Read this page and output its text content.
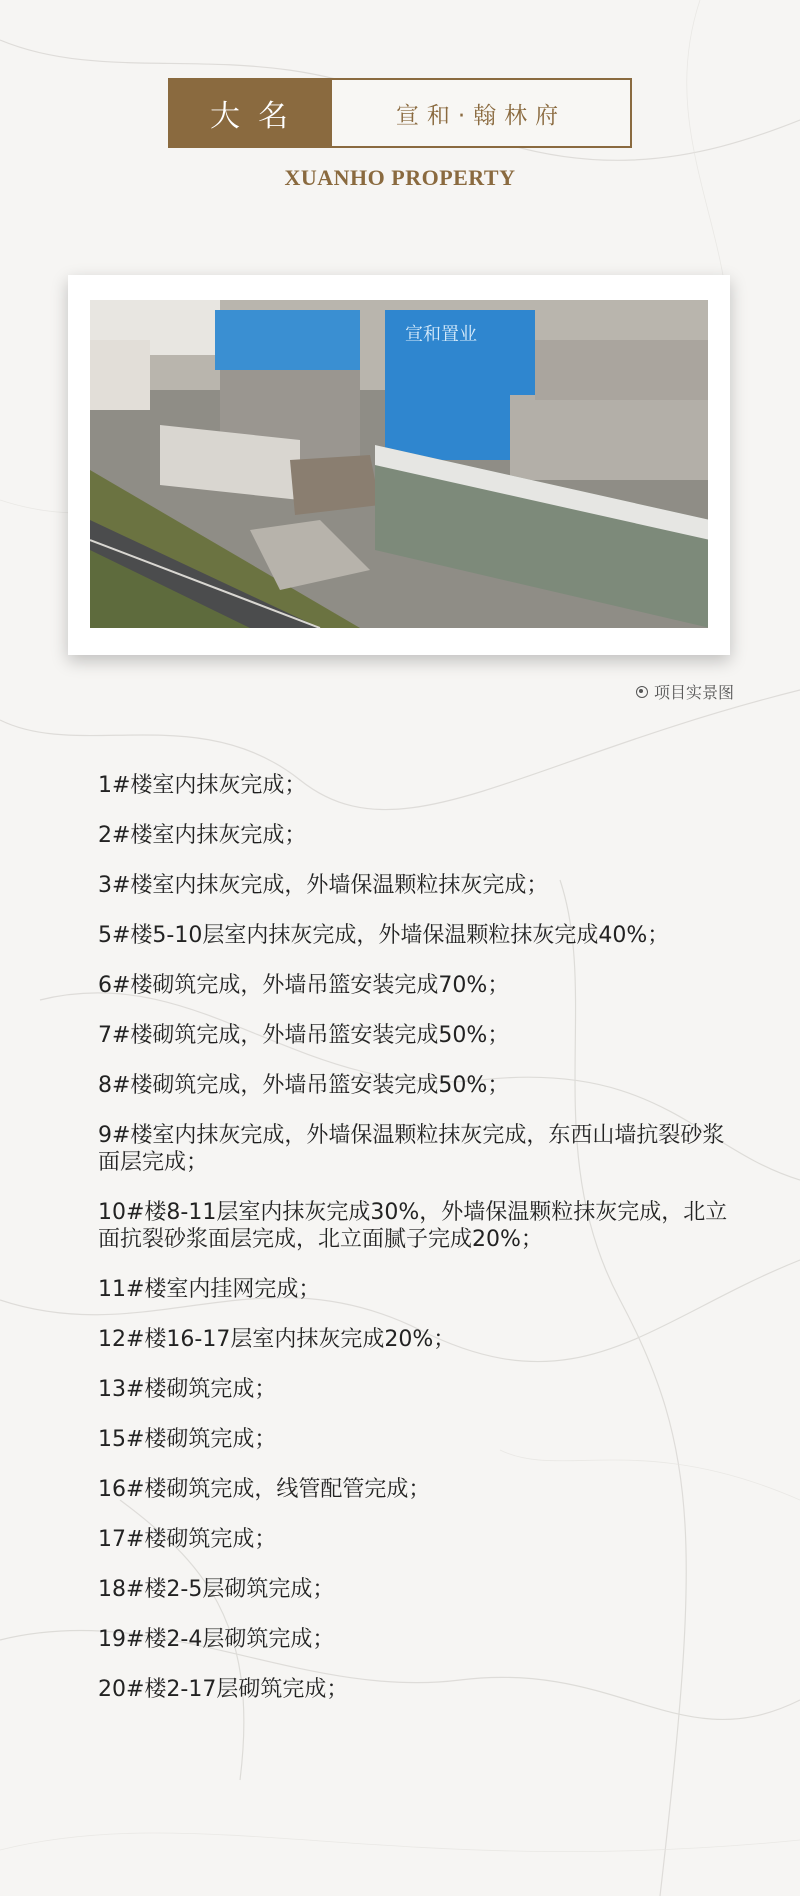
大名	宣和·翰林府
XUANHO PROPERTY
宣和置业
项目实景图
1#楼室内抹灰完成；
2#楼室内抹灰完成；
3#楼室内抹灰完成，外墙保温颗粒抹灰完成；
5#楼5-10层室内抹灰完成，外墙保温颗粒抹灰完成40%；
6#楼砌筑完成，外墙吊篮安装完成70%；
7#楼砌筑完成，外墙吊篮安装完成50%；
8#楼砌筑完成，外墙吊篮安装完成50%；
9#楼室内抹灰完成，外墙保温颗粒抹灰完成，东西山墙抗裂砂浆面层完成；
10#楼8-11层室内抹灰完成30%，外墙保温颗粒抹灰完成，北立面抗裂砂浆面层完成，北立面腻子完成20%；
11#楼室内挂网完成；
12#楼16-17层室内抹灰完成20%；
13#楼砌筑完成；
15#楼砌筑完成；
16#楼砌筑完成，线管配管完成；
17#楼砌筑完成；
18#楼2-5层砌筑完成；
19#楼2-4层砌筑完成；
20#楼2-17层砌筑完成；
